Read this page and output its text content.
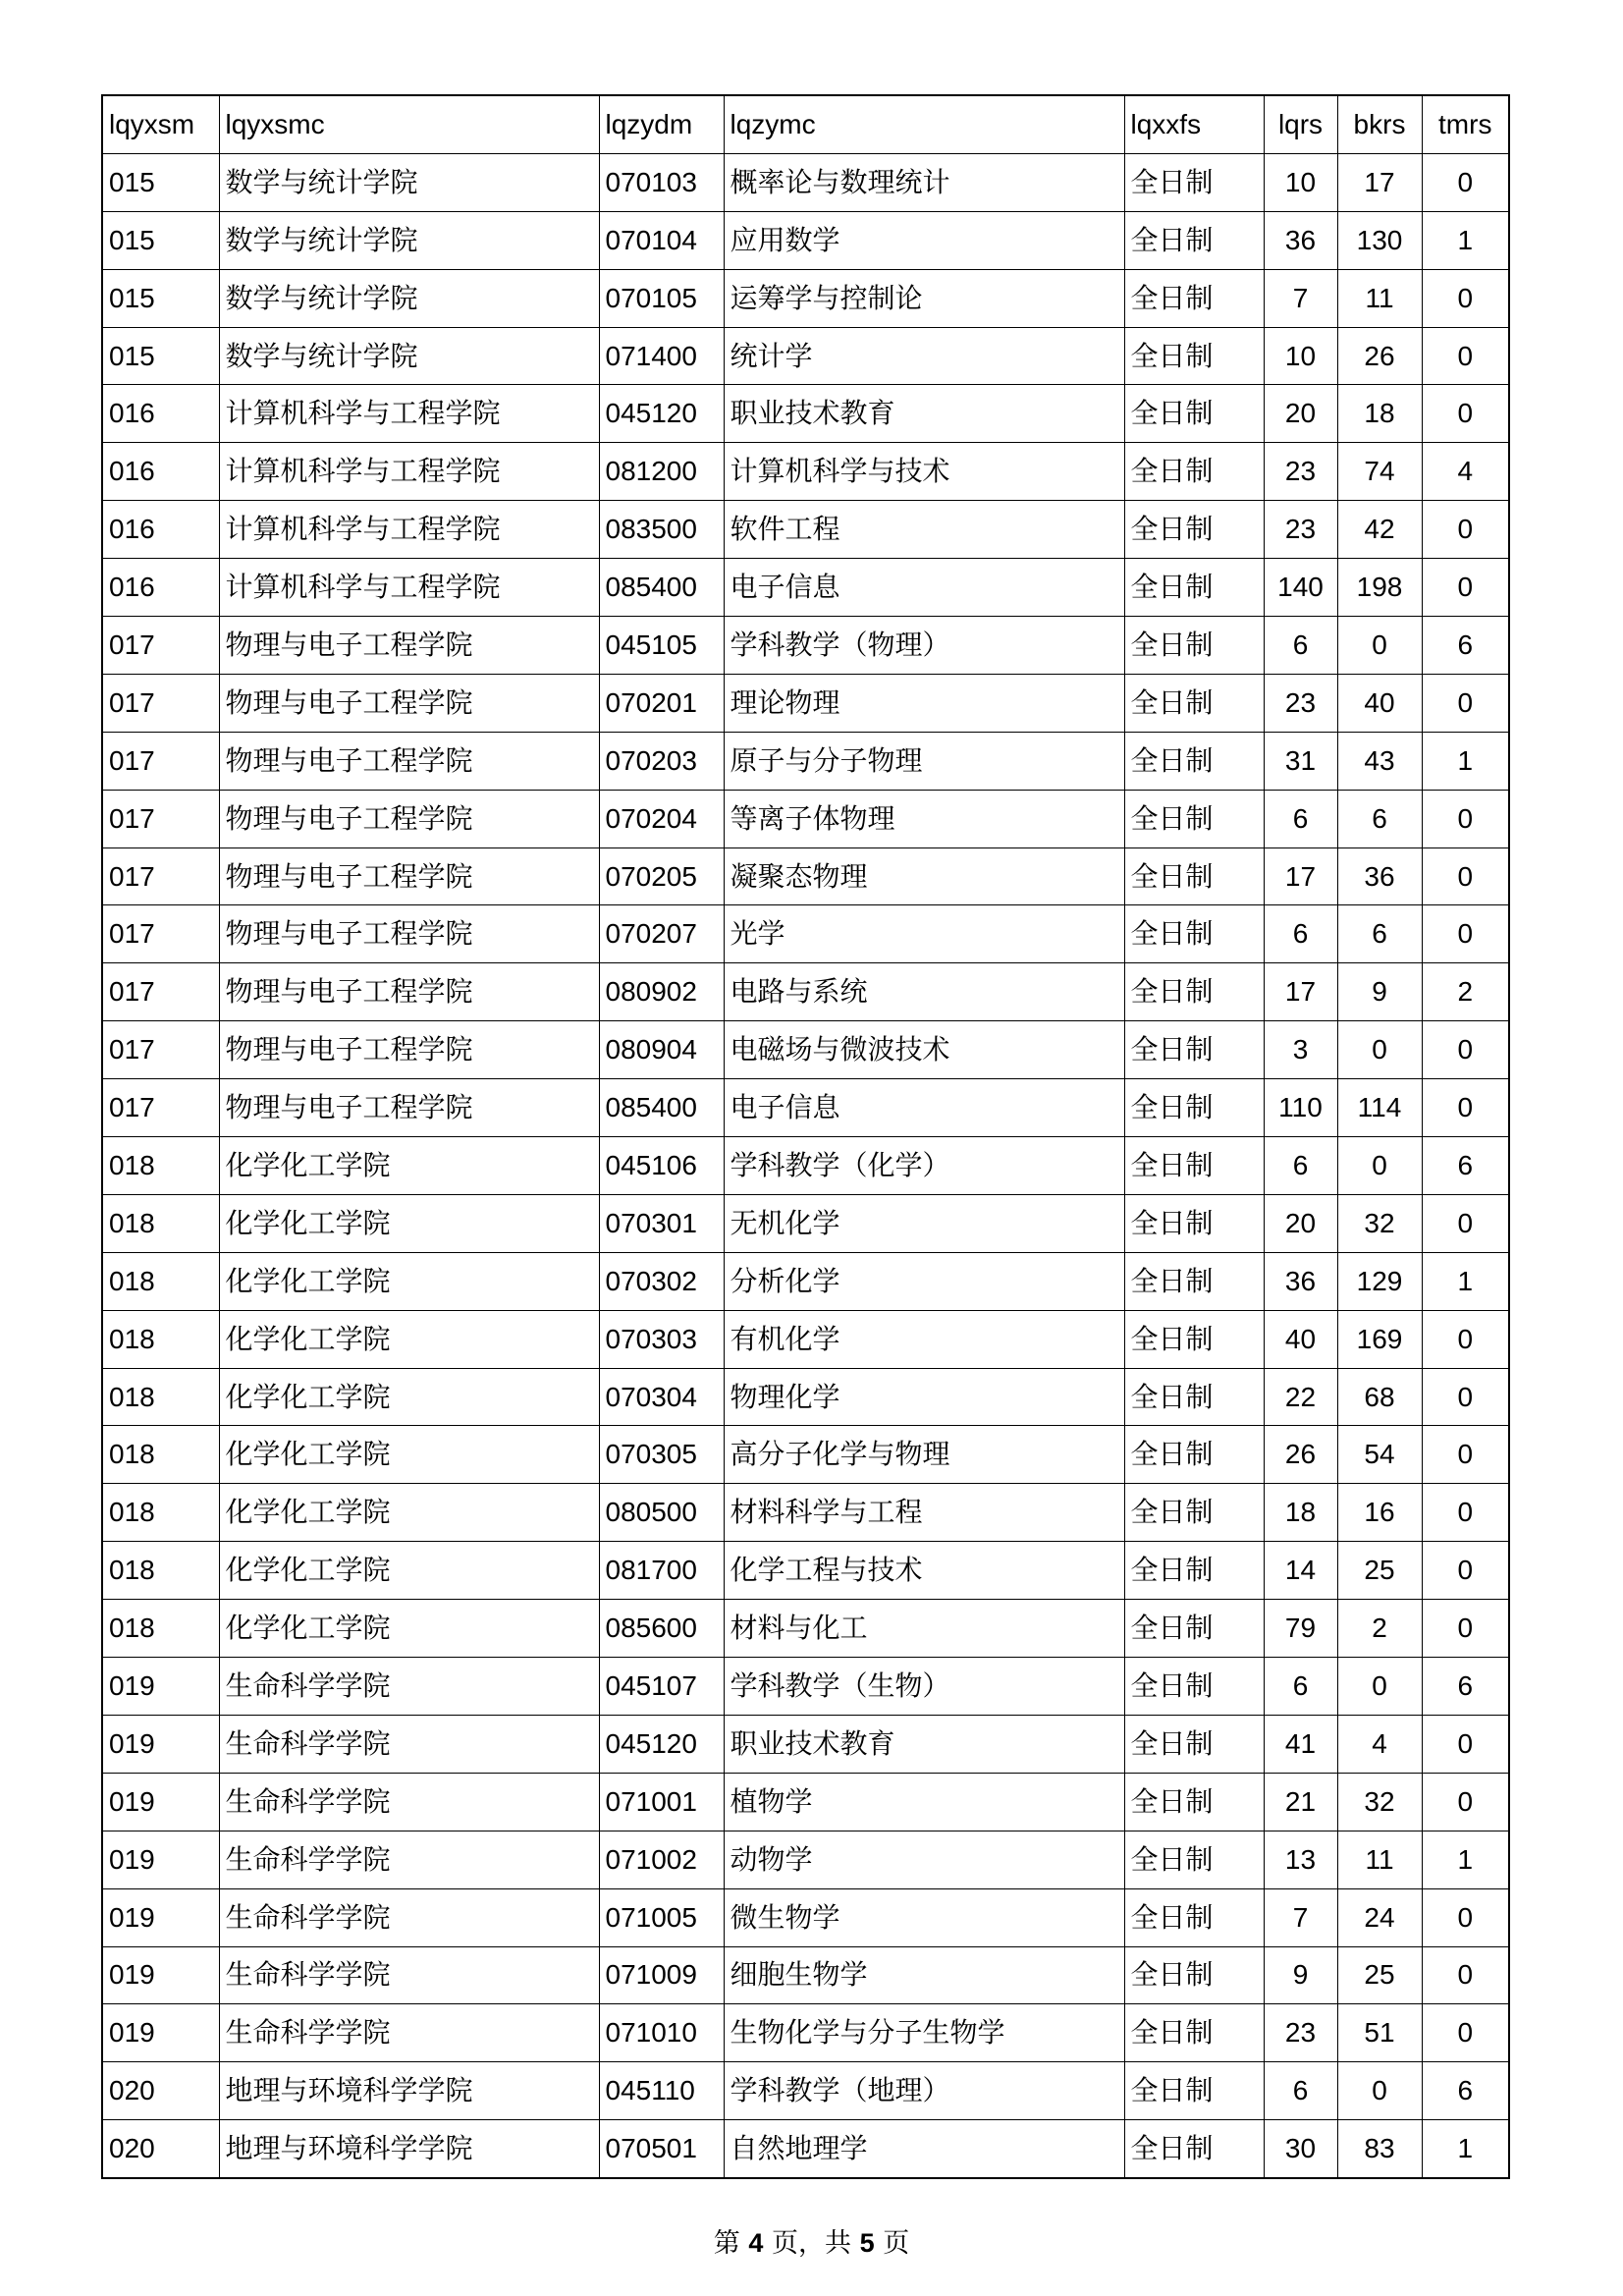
lqyxsm	lqyxsmc	lqzydm	lqzymc	lqxxfs	lqrs	bkrs	tmrs
015	数学与统计学院	070103	概率论与数理统计	全日制	10	17	0
015	数学与统计学院	070104	应用数学	全日制	36	130	1
015	数学与统计学院	070105	运筹学与控制论	全日制	7	11	0
015	数学与统计学院	071400	统计学	全日制	10	26	0
016	计算机科学与工程学院	045120	职业技术教育	全日制	20	18	0
016	计算机科学与工程学院	081200	计算机科学与技术	全日制	23	74	4
016	计算机科学与工程学院	083500	软件工程	全日制	23	42	0
016	计算机科学与工程学院	085400	电子信息	全日制	140	198	0
017	物理与电子工程学院	045105	学科教学（物理）	全日制	6	0	6
017	物理与电子工程学院	070201	理论物理	全日制	23	40	0
017	物理与电子工程学院	070203	原子与分子物理	全日制	31	43	1
017	物理与电子工程学院	070204	等离子体物理	全日制	6	6	0
017	物理与电子工程学院	070205	凝聚态物理	全日制	17	36	0
017	物理与电子工程学院	070207	光学	全日制	6	6	0
017	物理与电子工程学院	080902	电路与系统	全日制	17	9	2
017	物理与电子工程学院	080904	电磁场与微波技术	全日制	3	0	0
017	物理与电子工程学院	085400	电子信息	全日制	110	114	0
018	化学化工学院	045106	学科教学（化学）	全日制	6	0	6
018	化学化工学院	070301	无机化学	全日制	20	32	0
018	化学化工学院	070302	分析化学	全日制	36	129	1
018	化学化工学院	070303	有机化学	全日制	40	169	0
018	化学化工学院	070304	物理化学	全日制	22	68	0
018	化学化工学院	070305	高分子化学与物理	全日制	26	54	0
018	化学化工学院	080500	材料科学与工程	全日制	18	16	0
018	化学化工学院	081700	化学工程与技术	全日制	14	25	0
018	化学化工学院	085600	材料与化工	全日制	79	2	0
019	生命科学学院	045107	学科教学（生物）	全日制	6	0	6
019	生命科学学院	045120	职业技术教育	全日制	41	4	0
019	生命科学学院	071001	植物学	全日制	21	32	0
019	生命科学学院	071002	动物学	全日制	13	11	1
019	生命科学学院	071005	微生物学	全日制	7	24	0
019	生命科学学院	071009	细胞生物学	全日制	9	25	0
019	生命科学学院	071010	生物化学与分子生物学	全日制	23	51	0
020	地理与环境科学学院	045110	学科教学（地理）	全日制	6	0	6
020	地理与环境科学学院	070501	自然地理学	全日制	30	83	1
第 4 页，共 5 页
